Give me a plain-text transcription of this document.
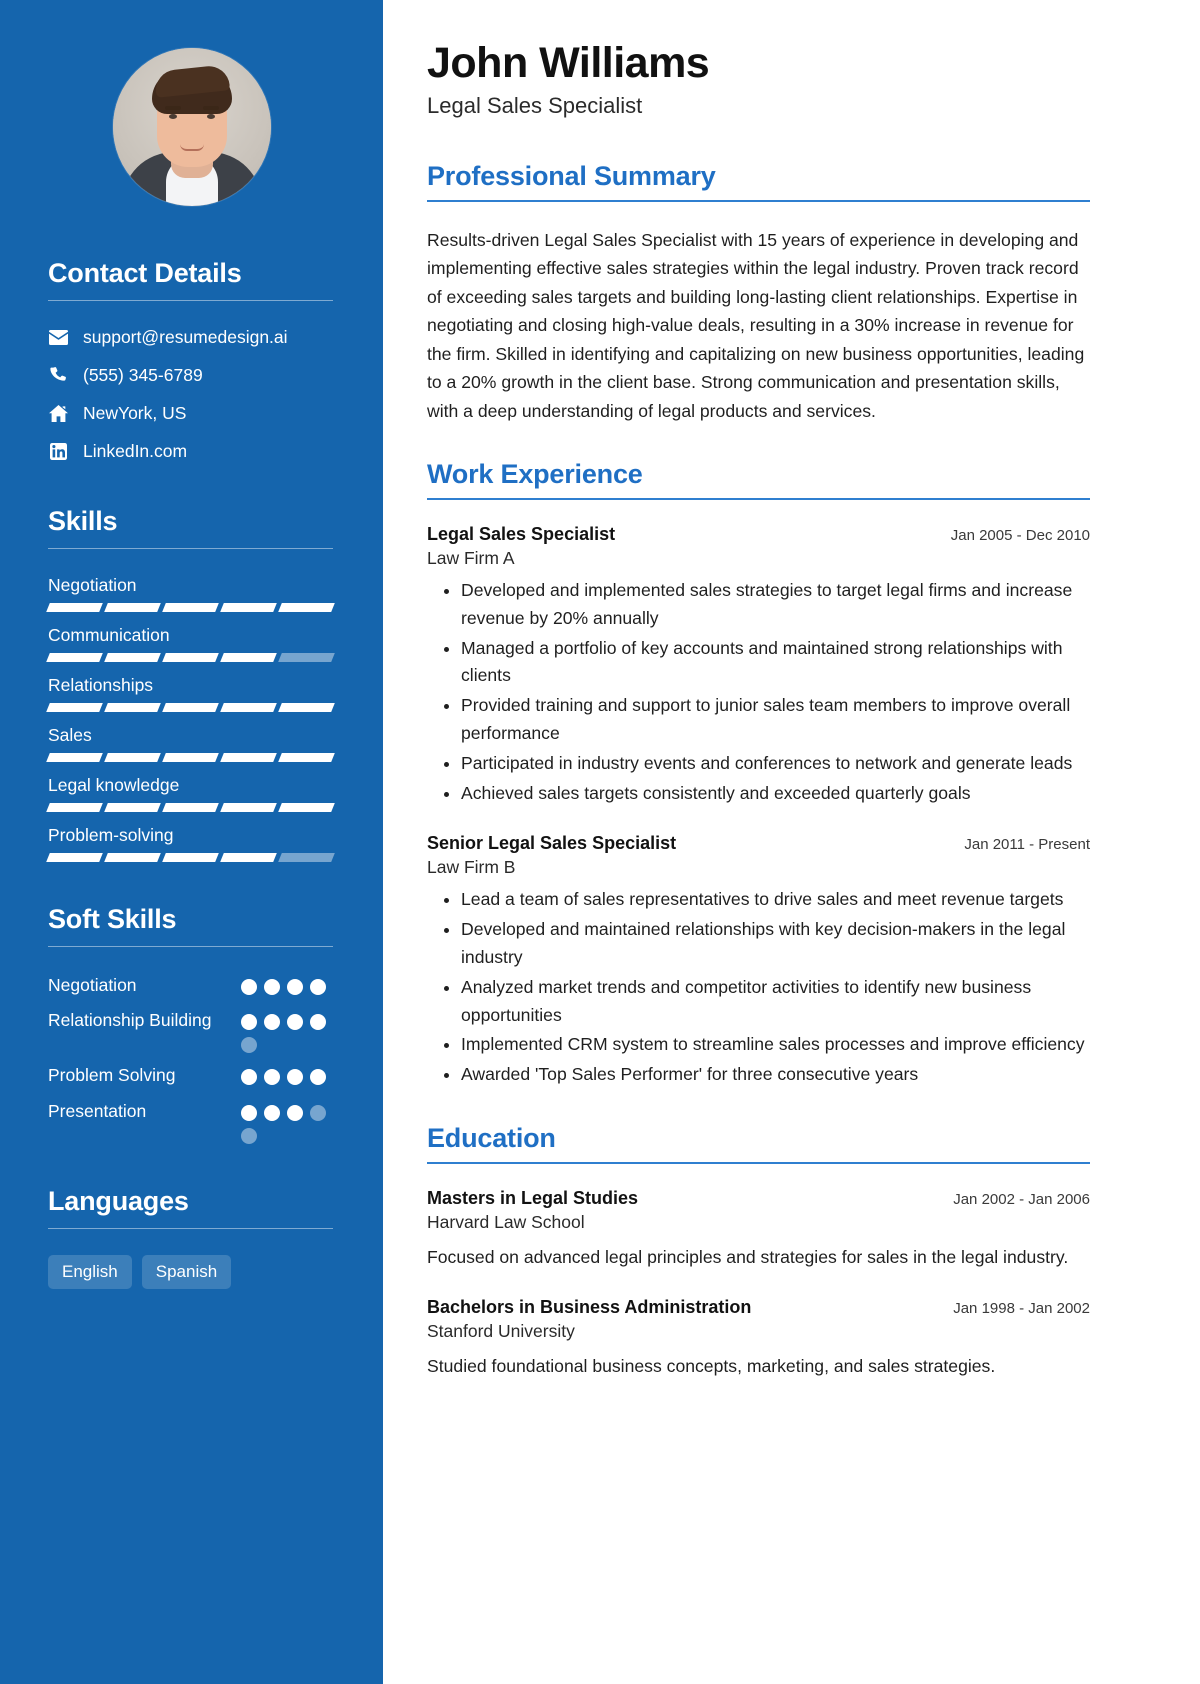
Contact Details
support@resumedesign.ai
(555) 345-6789
NewYork, US
LinkedIn.com
Skills
Negotiation
Communication
Relationships
Sales
Legal knowledge
Problem-solving
Soft Skills
Negotiation
Relationship Building
Problem Solving
Presentation
Languages
English	Spanish
John Williams
Legal Sales Specialist
Professional Summary

Results-driven Legal Sales Specialist with 15 years of experience in developing and implementing effective sales strategies within the legal industry. Proven track record of exceeding sales targets and building long-lasting client relationships. Expertise in negotiating and closing high-value deals, resulting in a 30% increase in revenue for the firm. Skilled in identifying and capitalizing on new business opportunities, leading to a 20% growth in the client base. Strong communication and presentation skills, with a deep understanding of legal products and services.

Work Experience
Legal Sales Specialist	Jan 2005 - Dec 2010
Law Firm A
• Developed and implemented sales strategies to target legal firms and increase revenue by 20% annually
• Managed a portfolio of key accounts and maintained strong relationships with clients
• Provided training and support to junior sales team members to improve overall performance
• Participated in industry events and conferences to network and generate leads
• Achieved sales targets consistently and exceeded quarterly goals
Senior Legal Sales Specialist	Jan 2011 - Present
Law Firm B
• Lead a team of sales representatives to drive sales and meet revenue targets
• Developed and maintained relationships with key decision-makers in the legal industry
• Analyzed market trends and competitor activities to identify new business opportunities
• Implemented CRM system to streamline sales processes and improve efficiency
• Awarded 'Top Sales Performer' for three consecutive years
Education
Masters in Legal Studies	Jan 2002 - Jan 2006
Harvard Law School
Focused on advanced legal principles and strategies for sales in the legal industry.
Bachelors in Business Administration	Jan 1998 - Jan 2002
Stanford University
Studied foundational business concepts, marketing, and sales strategies.
